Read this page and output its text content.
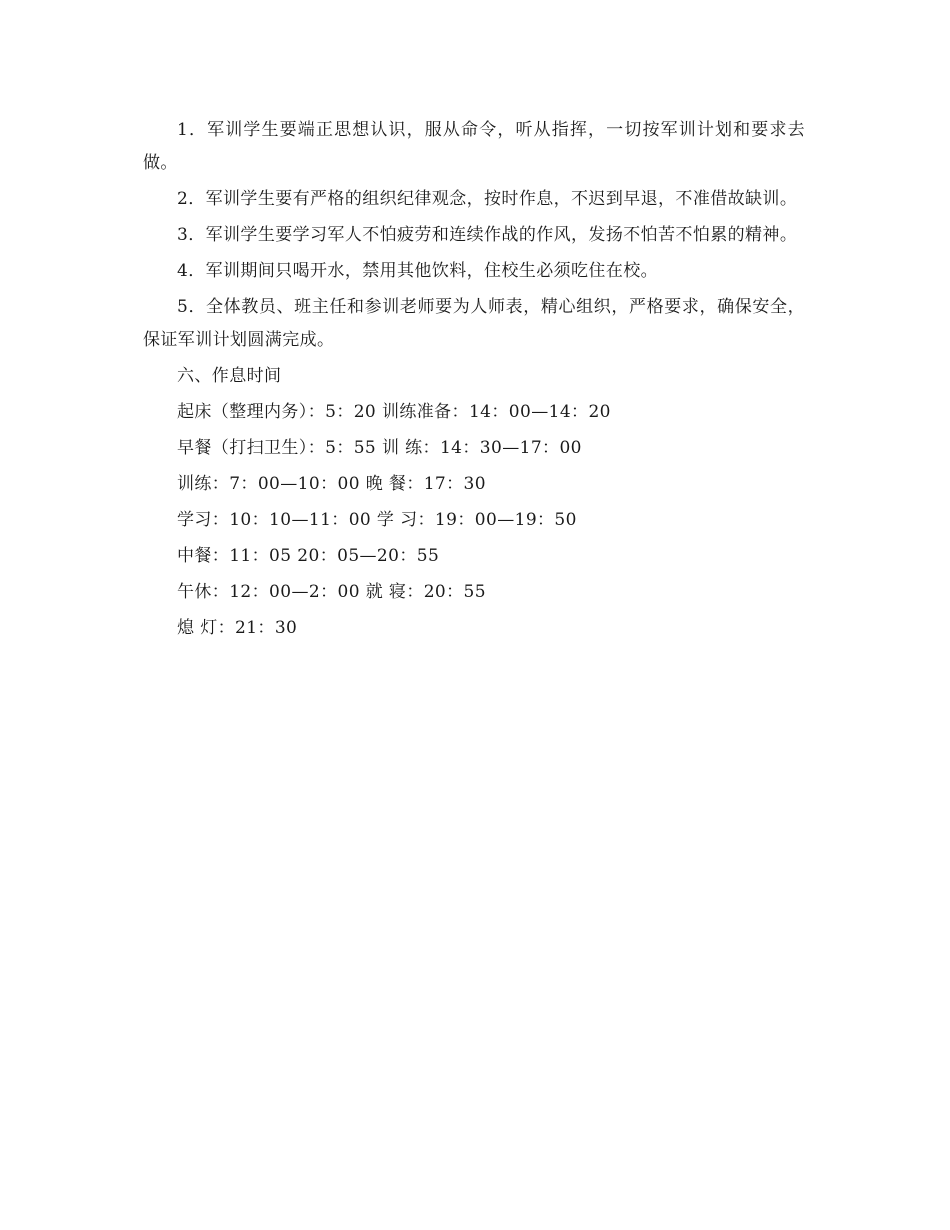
1．军训学生要端正思想认识，服从命令，听从指挥，一切按军训计划和要求去做。

2．军训学生要有严格的组织纪律观念，按时作息，不迟到早退，不准借故缺训。

3．军训学生要学习军人不怕疲劳和连续作战的作风，发扬不怕苦不怕累的精神。

4．军训期间只喝开水，禁用其他饮料，住校生必须吃住在校。

5．全体教员、班主任和参训老师要为人师表，精心组织，严格要求，确保安全，保证军训计划圆满完成。

六、作息时间

起床（整理内务）：5：20 训练准备：14：00—14：20

早餐（打扫卫生）：5：55 训 练：14：30—17：00

训练：7：00—10：00 晚 餐：17：30

学习：10：10—11：00 学 习：19：00—19：50

中餐：11：05 20：05—20：55

午休：12：00—2：00 就 寝：20：55

熄 灯：21：30
